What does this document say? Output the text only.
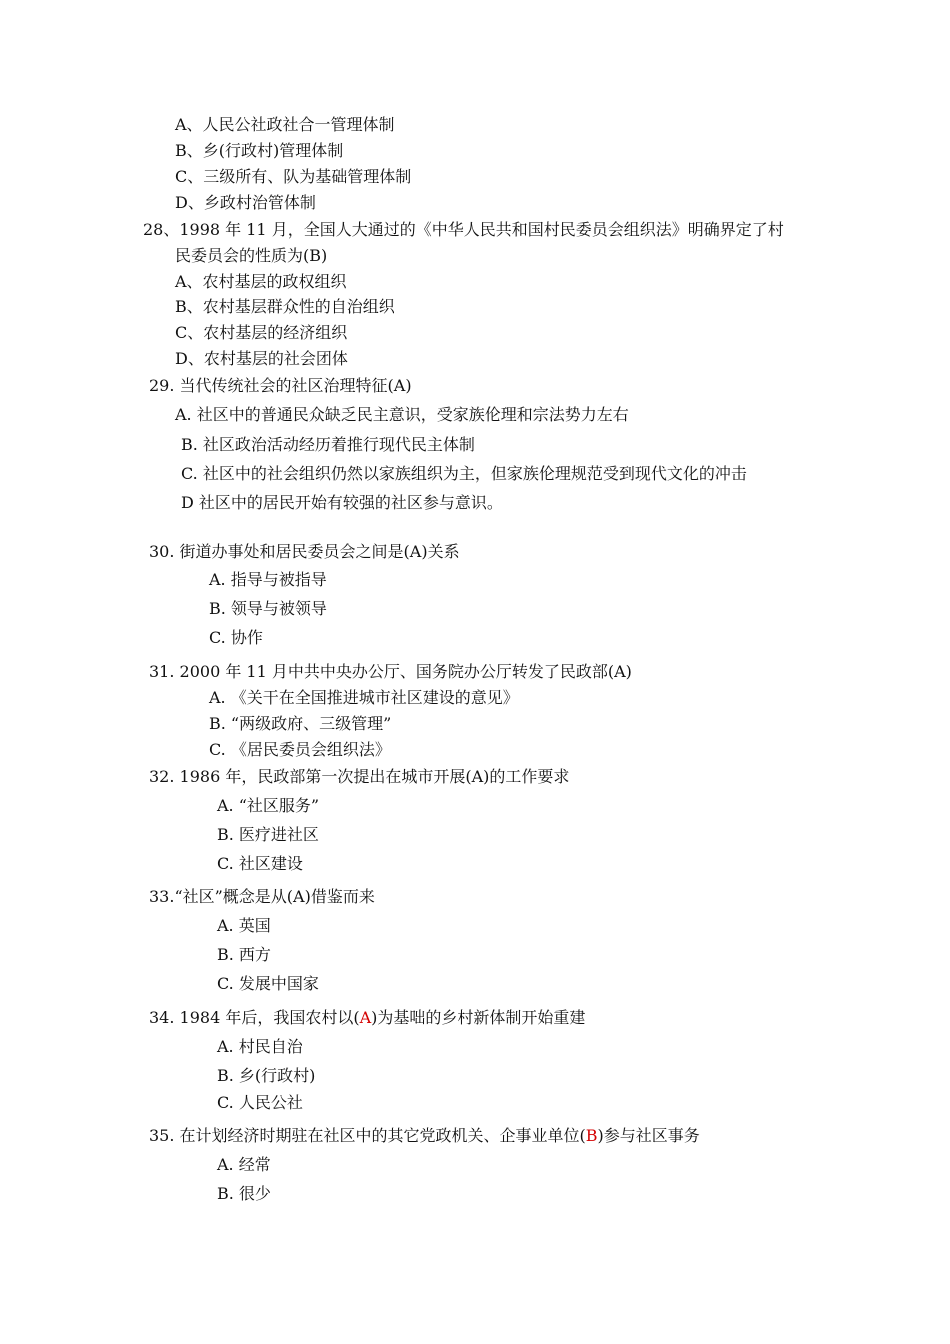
A、人民公社政社合一管理体制
B、乡(行政村)管理体制
C、三级所有、队为基础管理体制
D、乡政村治管体制
28、1998 年 11 月，全国人大通过的《中华人民共和国村民委员会组织法》明确界定了村
民委员会的性质为(B)
A、农村基层的政权组织
B、农村基层群众性的自治组织
C、农村基层的经济组织
D、农村基层的社会团体
29. 当代传统社会的社区治理特征(A)
A. 社区中的普通民众缺乏民主意识，受家族伦理和宗法势力左右
B. 社区政治活动经历着推行现代民主体制
C. 社区中的社会组织仍然以家族组织为主，但家族伦理规范受到现代文化的冲击
D 社区中的居民开始有较强的社区参与意识。
30. 街道办事处和居民委员会之间是(A)关系
A. 指导与被指导
B. 领导与被领导
C. 协作
31. 2000 年 11 月中共中央办公厅、国务院办公厅转发了民政部(A)
A. 《关干在全国推进城市社区建设的意见》
B. “两级政府、三级管理”
C. 《居民委员会组织法》
32. 1986 年，民政部第一次提出在城市开展(A)的工作要求
A. “社区服务”
B. 医疗进社区
C. 社区建设
33.“社区”概念是从(A)借鉴而来
A. 英国
B. 西方
C. 发展中国家
34. 1984 年后，我国农村以(A)为基咄的乡村新体制开始重建
A. 村民自治
B. 乡(行政村)
C. 人民公社
35. 在计划经济时期驻在社区中的其它党政机关、企事业单位(B)参与社区事务
A. 经常
B. 很少
